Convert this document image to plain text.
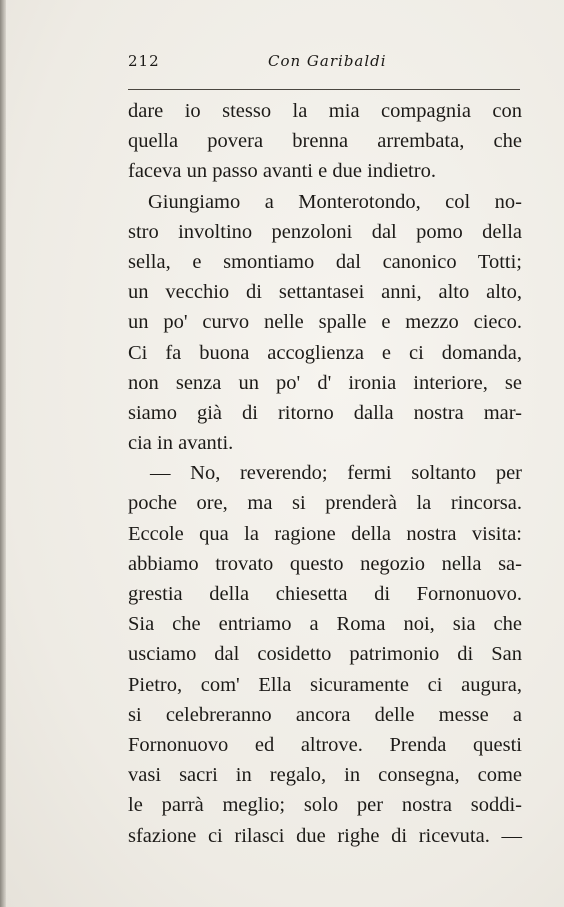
212	Con Garibaldi
dare io stesso la mia compagnia con
quella povera brenna arrembata, che
faceva un passo avanti e due indietro.
Giungiamo a Monterotondo, col no-
stro involtino penzoloni dal pomo della
sella, e smontiamo dal canonico Totti;
un vecchio di settantasei anni, alto alto,
un po' curvo nelle spalle e mezzo cieco.
Ci fa buona accoglienza e ci domanda,
non senza un po' d' ironia interiore, se
siamo già di ritorno dalla nostra mar-
cia in avanti.
— No, reverendo; fermi soltanto per
poche ore, ma si prenderà la rincorsa.
Eccole qua la ragione della nostra visita:
abbiamo trovato questo negozio nella sa-
grestia della chiesetta di Fornonuovo.
Sia che entriamo a Roma noi, sia che
usciamo dal cosidetto patrimonio di San
Pietro, com' Ella sicuramente ci augura,
si celebreranno ancora delle messe a
Fornonuovo ed altrove. Prenda questi
vasi sacri in regalo, in consegna, come
le parrà meglio; solo per nostra soddi-
sfazione ci rilasci due righe di ricevuta. —
